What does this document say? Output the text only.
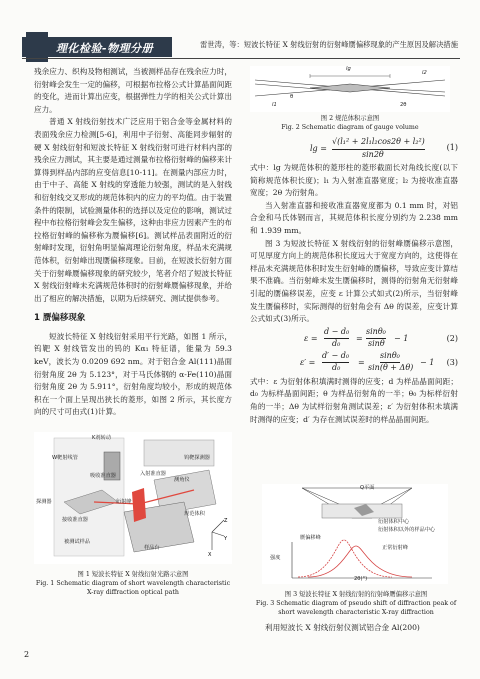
理化检验-物理分册	雷世涛，等：短波长特征 X 射线衍射的衍射峰赝偏移现象的产生原因及解决措施

残余应力、织构及物相测试，当被测样品存在残余应力时，衍射峰会发生一定的偏移，可根据布拉格公式计算晶面间距的变化，进而计算出应变，根据弹性力学的相关公式计算出应力。

普通 X 射线衍射技术广泛应用于铝合金等金属材料的表面残余应力检测[5-6]，利用中子衍射、高能同步辐射的硬 X 射线衍射和短波长特征 X 射线衍射可进行材料内部的残余应力测试，其主要是通过测量布拉格衍射峰的偏移来计算得到样品内部的应变信息[10-11]。在测量内部应力时，由于中子、高能 X 射线的穿透能力较强，测试的是入射线和衍射线交叉形成的规范体积内的应力的平均值。由于装置条件的限制，试验测量体积的选择以及定位的影响，测试过程中布拉格衍射峰会发生偏移，这种由非应力因素产生的布拉格衍射峰的偏移称为赝偏移[6]。测试样品表面附近的衍射峰时发现，衍射角明显偏离理论衍射角度，样品未充满规范体积，衍射峰出现赝偏移现象。目前，在短波长衍射方面关于衍射峰赝偏移现象的研究较少，笔者介绍了短波长特征 X 射线衍射峰未充满规范体积时的衍射峰赝偏移现象，并给出了相应的解决措施，以期为后续研究、测试提供参考。

1 赝偏移现象

短波长特征 X 射线衍射采用平行光路，如图 1 所示，钨靶 X 射线管发出的钨的 Kα₁ 特征谱，能量为 59.3 keV，波长为 0.0209 692 nm。对于铝合金 Al(111)晶面衍射角度 2θ 为 5.123°，对于马氏体钢的 α-Fe(110)晶面衍射角度 2θ 为 5.911°，衍射角度均较小，形成的规范体积在一个面上呈现出狭长的菱形，如图 2 所示，其长度方向的尺寸可由式(1)计算。

Z
Y
X
K剂转动
W靶射线管
吸收准直器	入射准直器
钨靶探测器
测角仪
探测器
接收准直器
衍射峰
规范体积
被测试样品
样品台
图 1 短波长特征 X 射线衍射光路示意图
Fig. 1 Schematic diagram of short wavelength characteristic
X-ray diffraction optical path
lg
l2
θ
l1	2θ
图 2 规范体积示意图
Fig. 2 Schematic diagram of gauge volume
lg =
√(l₁² + 2l₁l₂cos2θ + l₂²)
sin2θ
(1)

式中：lg 为规范体积的菱形柱的菱形截面长对角线长度(以下简称规范体积长度)；l₁ 为入射准直器宽度；l₂ 为接收准直器宽度；2θ 为衍射角。

当入射准直器和接收准直器宽度都为 0.1 mm 时，对铝合金和马氏体钢而言，其规范体积长度分别约为 2.238 mm 和 1.939 mm。

图 3 为短波长特征 X 射线衍射的衍射峰赝偏移示意图，可见厚度方向上的规范体积长度远大于宽度方向的，这使得在样品未充满规范体积时发生衍射峰的赝偏移，导致应变计算结果不准确。当衍射峰未发生赝偏移时，测得的衍射角无衍射峰引起的赝偏移误差，应变 ε 计算公式如式(2)所示，当衍射峰发生赝偏移时，实际测得的衍射角会有 Δθ 的误差，应变计算公式如式(3)所示。

ε =
d − d₀
d₀
=
sinθ₀
sinθ
− 1	(2)
ε′ =
d′ − d₀
d₀
=
sinθ₀
sin(θ + Δθ)
− 1 (3)

式中：ε 为衍射体积填满时测得的应变；d 为样品晶面间距；d₀ 为标样晶面间距；θ 为样品衍射角的一半；θ₀ 为标样衍射角的一半；Δθ 为试样衍射角测试误差；ε′ 为衍射体积未填满时测得的应变；d′ 为存在测试误差时的样品晶面间距。

Q平面
衍射体积中心
衍射体积以外的样品中心
赝偏移峰
正常衍射峰
强度
2θ(°)
图 3 短波长特征 X 射线衍射的衍射峰赝偏移示意图
Fig. 3 Schematic diagram of pseudo shift of diffraction peak of
short wavelength characteristic X-ray diffraction

利用短波长 X 射线衍射仪测试铝合金 Al(200)

2
